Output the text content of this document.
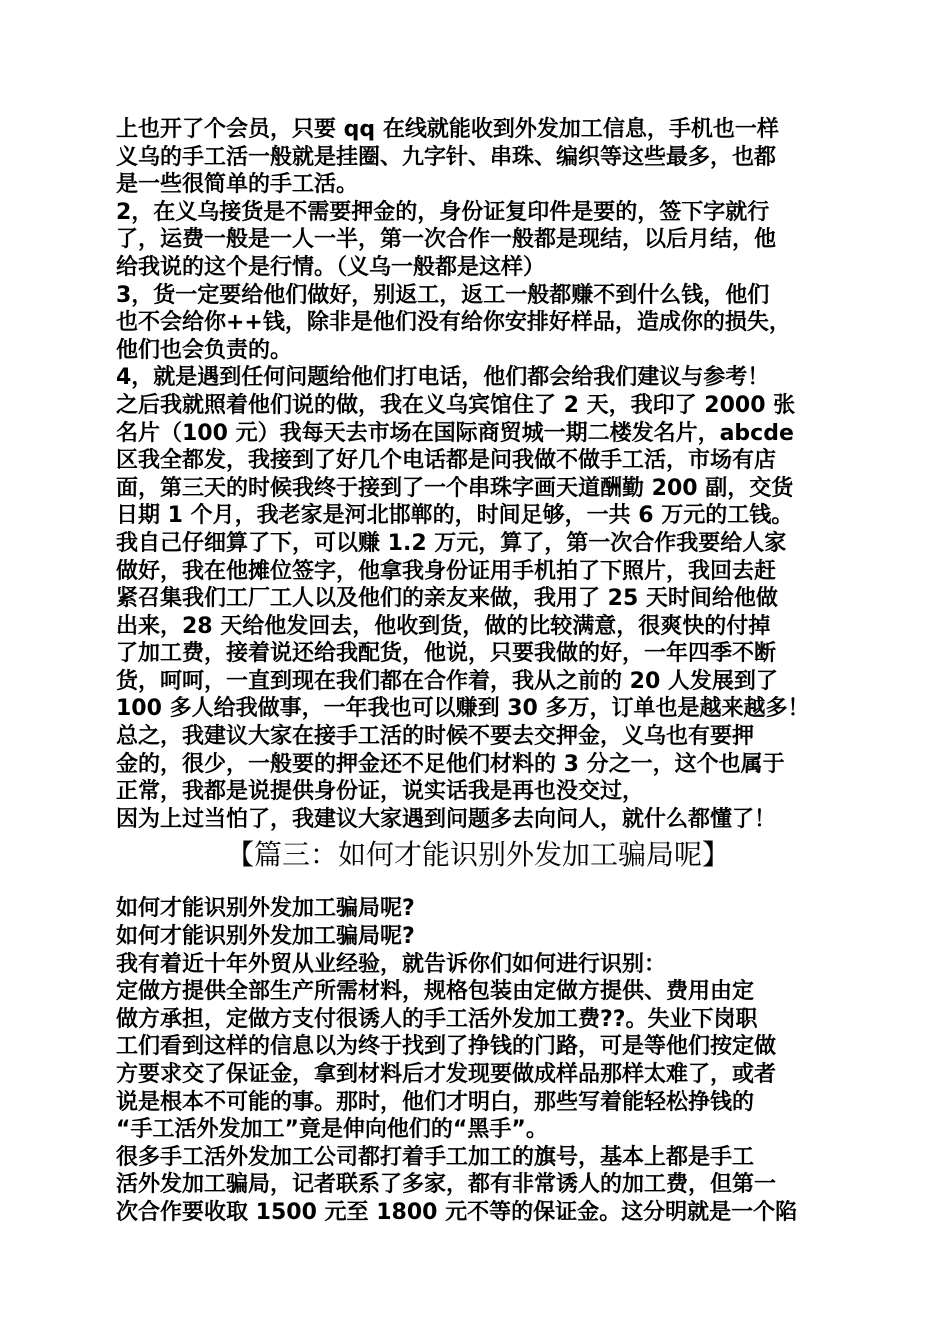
上也开了个会员，只要 qq 在线就能收到外发加工信息，手机也一样
义乌的手工活一般就是挂圈、九字针、串珠、编织等这些最多，也都
是一些很简单的手工活。
2，在义乌接货是不需要押金的，身份证复印件是要的，签下字就行
了，运费一般是一人一半，第一次合作一般都是现结，以后月结，他
给我说的这个是行情。（义乌一般都是这样）
3，货一定要给他们做好，别返工，返工一般都赚不到什么钱，他们
也不会给你++钱，除非是他们没有给你安排好样品，造成你的损失，
他们也会负责的。
4，就是遇到任何问题给他们打电话，他们都会给我们建议与参考！
之后我就照着他们说的做，我在义乌宾馆住了 2 天，我印了 2000 张
名片（100 元）我每天去市场在国际商贸城一期二楼发名片，abcde
区我全都发，我接到了好几个电话都是问我做不做手工活，市场有店
面，第三天的时候我终于接到了一个串珠字画天道酬勤 200 副，交货
日期 1 个月，我老家是河北邯郸的，时间足够，一共 6 万元的工钱。
我自己仔细算了下，可以赚 1.2 万元，算了，第一次合作我要给人家
做好，我在他摊位签字，他拿我身份证用手机拍了下照片，我回去赶
紧召集我们工厂工人以及他们的亲友来做，我用了 25 天时间给他做
出来，28 天给他发回去，他收到货，做的比较满意，很爽快的付掉
了加工费，接着说还给我配货，他说，只要我做的好，一年四季不断
货，呵呵，一直到现在我们都在合作着，我从之前的 20 人发展到了
100 多人给我做事，一年我也可以赚到 30 多万，订单也是越来越多！
总之，我建议大家在接手工活的时候不要去交押金，义乌也有要押
金的，很少，一般要的押金还不足他们材料的 3 分之一，这个也属于
正常，我都是说提供身份证，说实话我是再也没交过，
因为上过当怕了，我建议大家遇到问题多去向问人，就什么都懂了！
【篇三：如何才能识别外发加工骗局呢】
如何才能识别外发加工骗局呢?
如何才能识别外发加工骗局呢?
我有着近十年外贸从业经验，就告诉你们如何进行识别：
定做方提供全部生产所需材料，规格包装由定做方提供、费用由定
做方承担，定做方支付很诱人的手工活外发加工费??。失业下岗职
工们看到这样的信息以为终于找到了挣钱的门路，可是等他们按定做
方要求交了保证金，拿到材料后才发现要做成样品那样太难了，或者
说是根本不可能的事。那时，他们才明白，那些写着能轻松挣钱的
“手工活外发加工”竟是伸向他们的“黑手”。
很多手工活外发加工公司都打着手工加工的旗号，基本上都是手工
活外发加工骗局，记者联系了多家，都有非常诱人的加工费，但第一
次合作要收取 1500 元至 1800 元不等的保证金。这分明就是一个陷
